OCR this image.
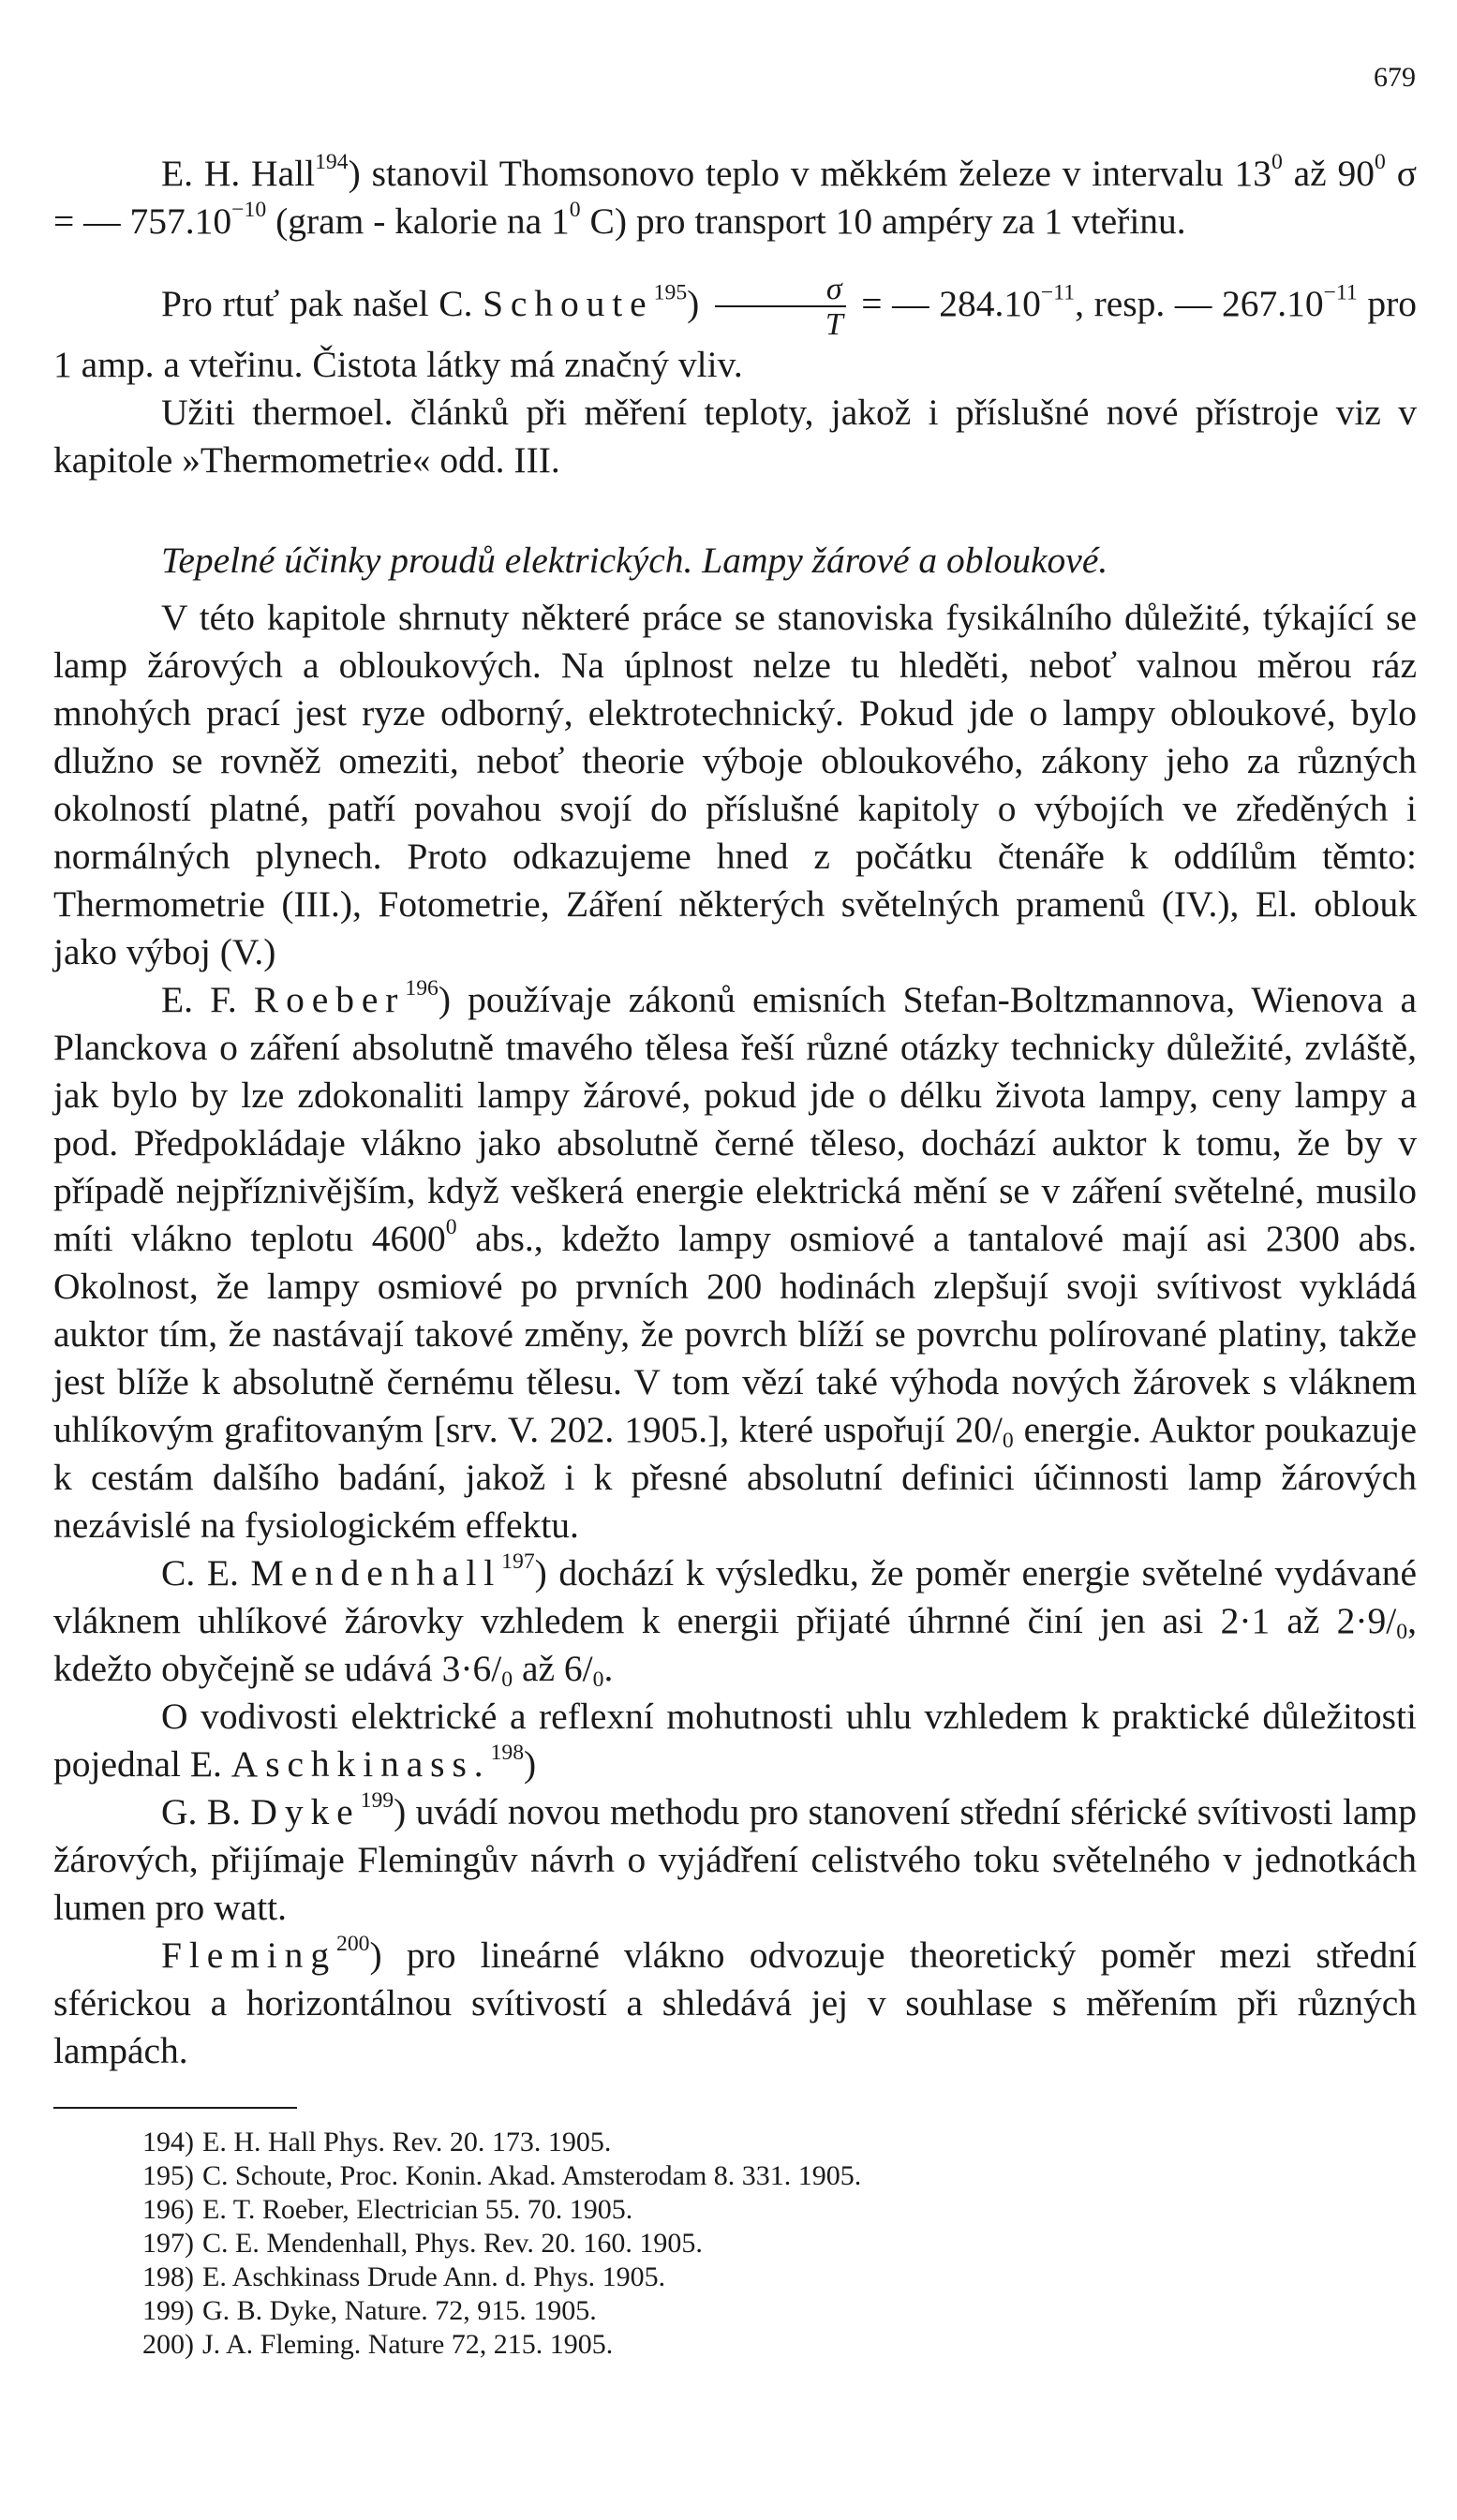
679

E. H. Hall$^{194}$) stanovil Thomsonovo teplo v měkkém železe v intervalu $13^0$ až $90^0$ σ = — $757.10^{-10}$ (gram - kalorie na $1^0$ C) pro transport 10 ampéry za 1 vteřinu.

Pro rtuť pak našel C. Schoute$^{195}$) $\frac{\sigma}{T}$ = — $284.10^{-11}$, resp. — $267.10^{-11}$ pro 1 amp. a vteřinu. Čistota látky má značný vliv.

Užiti thermoel. článků při měření teploty, jakož i příslušné nové přístroje viz v kapitole »Thermometrie« odd. III.

Tepelné účinky proudů elektrických. Lampy žárové a obloukové.

V této kapitole shrnuty některé práce se stanoviska fysikálního důležité, týkající se lamp žárových a obloukových. Na úplnost nelze tu hleděti, neboť valnou měrou ráz mnohých prací jest ryze odborný, elektrotechnický. Pokud jde o lampy obloukové, bylo dlužno se rovněž omeziti, neboť theorie výboje obloukového, zákony jeho za různých okolností platné, patří povahou svojí do příslušné kapitoly o výbojích ve zředěných i normálných plynech. Proto odkazujeme hned z počátku čtenáře k oddílům těmto: Thermometrie (III.), Fotometrie, Záření některých světelných pramenů (IV.), El. oblouk jako výboj (V.)

E. F. Roeber$^{196}$) používaje zákonů emisních Stefan-Boltzmannova, Wienova a Planckova o záření absolutně tmavého tělesa řeší různé otázky technicky důležité, zvláště, jak bylo by lze zdokonaliti lampy žárové, pokud jde o délku života lampy, ceny lampy a pod. Předpokládaje vlákno jako absolutně černé těleso, dochází auktor k tomu, že by v případě nejpříznivějším, když veškerá energie elektrická mění se v záření světelné, musilo míti vlákno teplotu 4600$^0$ abs., kdežto lampy osmiové a tantalové mají asi 2300 abs. Okolnost, že lampy osmiové po prvních 200 hodinách zlepšují svoji svítivost vykládá auktor tím, že nastávají takové změny, že povrch blíží se povrchu polírované platiny, takže jest blíže k absolutně černému tělesu. V tom vězí také výhoda nových žárovek s vláknem uhlíkovým grafitovaným [srv. V. 202. 1905.], které uspořují $20/_0$ energie. Auktor poukazuje k cestám dalšího badání, jakož i k přesné absolutní definici účinnosti lamp žárových nezávislé na fysiologickém effektu.

C. E. Mendenhall$^{197}$) dochází k výsledku, že poměr energie světelné vydávané vláknem uhlíkové žárovky vzhledem k energii přijaté úhrnné činí jen asi 2·1 až $2\cdot 9/_0$, kdežto obyčejně se udává $3\cdot 6/_0$ až $6/_0$.

O vodivosti elektrické a reflexní mohutnosti uhlu vzhledem k praktické důležitosti pojednal E. Aschkinass.$^{198}$)

G. B. Dyke$^{199}$) uvádí novou methodu pro stanovení střední sférické svítivosti lamp žárových, přijímaje Flemingův návrh o vyjádření celistvého toku světelného v jednotkách lumen pro watt.

Fleming$^{200}$) pro lineárné vlákno odvozuje theoretický poměr mezi střední sférickou a horizontálnou svítivostí a shledává jej v souhlase s měřením při různých lampách.

194) E. H. Hall Phys. Rev. 20. 173. 1905.

195) C. Schoute, Proc. Konin. Akad. Amsterodam 8. 331. 1905.

196) E. T. Roeber, Electrician 55. 70. 1905.

197) C. E. Mendenhall, Phys. Rev. 20. 160. 1905.

198) E. Aschkinass Drude Ann. d. Phys. 1905.

199) G. B. Dyke, Nature. 72, 915. 1905.

200) J. A. Fleming. Nature 72, 215. 1905.
